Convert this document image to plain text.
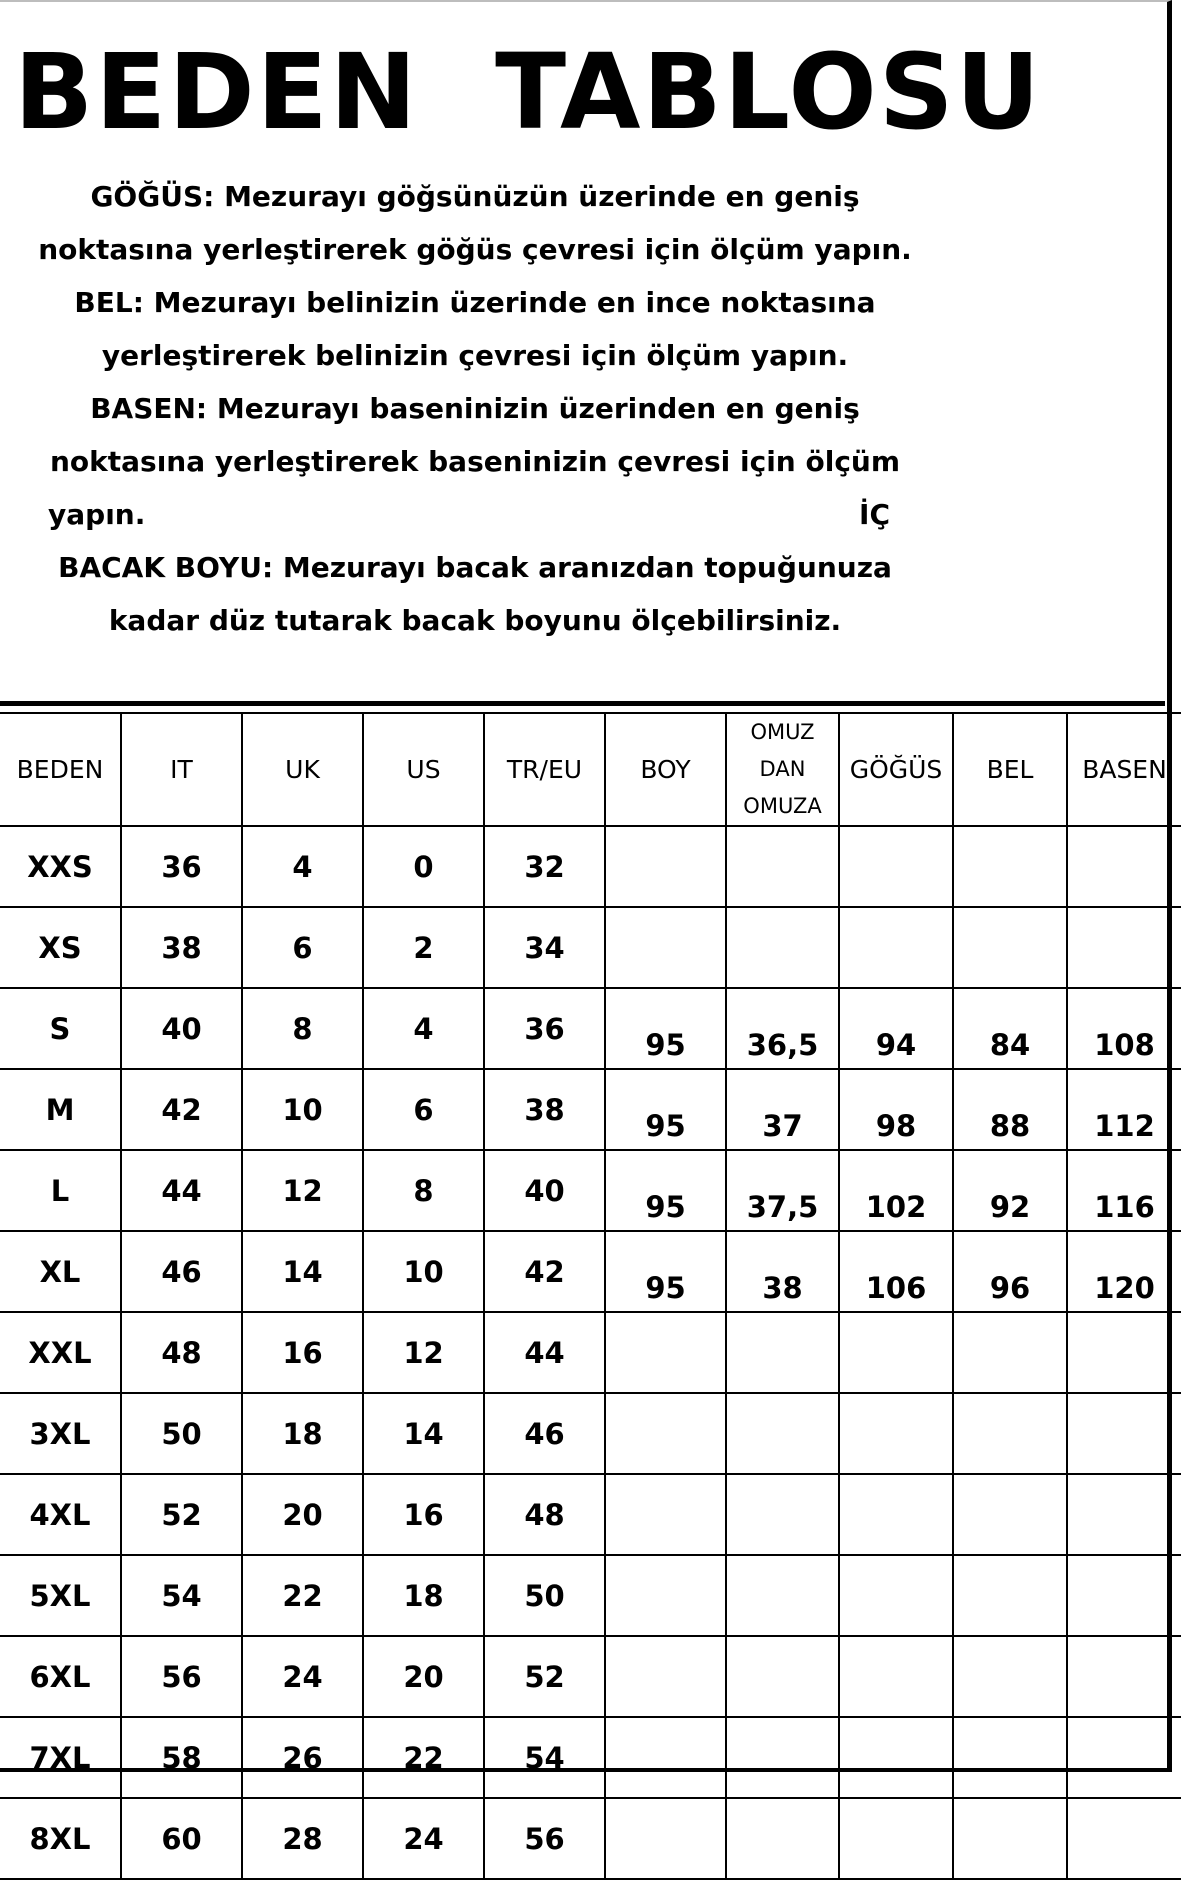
BEDEN  TABLOSU
GÖĞÜS: Mezurayı göğsünüzün üzerinde en geniş
noktasına yerleştirerek göğüs çevresi için ölçüm yapın.
BEL: Mezurayı belinizin üzerinde en ince noktasına
yerleştirerek belinizin çevresi için ölçüm yapın.
BASEN: Mezurayı baseninizin üzerinden en geniş
noktasına yerleştirerek baseninizin çevresi için ölçüm
yapın.	İÇ
BACAK BOYU: Mezurayı bacak aranızdan topuğunuza
kadar düz tutarak bacak boyunu ölçebilirsiniz.
BEDEN	IT	UK	US	TR/EU	BOY	OMUZ
DAN
OMUZA	GÖĞÜS	BEL	BASEN
XXS	36	4	0	32					
XS	38	6	2	34					
S	40	8	4	36	95	36,5	94	84	108
M	42	10	6	38	95	37	98	88	112
L	44	12	8	40	95	37,5	102	92	116
XL	46	14	10	42	95	38	106	96	120
XXL	48	16	12	44					
3XL	50	18	14	46					
4XL	52	20	16	48					
5XL	54	22	18	50					
6XL	56	24	20	52					
7XL	58	26	22	54					
8XL	60	28	24	56					
